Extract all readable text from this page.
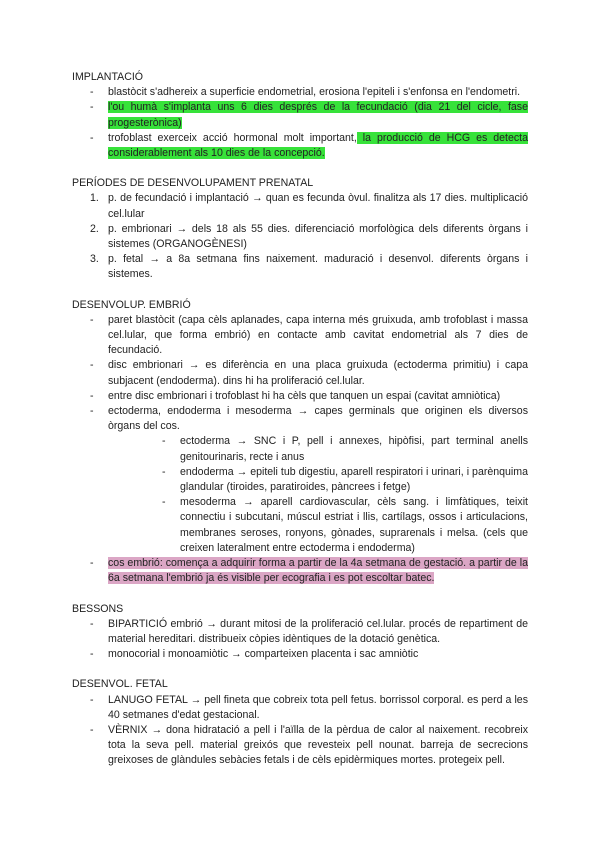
IMPLANTACIÓ

- blastòcit s'adhereix a superficie endometrial, erosiona l'epiteli i s'enfonsa en l'endometri.
- l'ou humà s'implanta uns 6 dies després de la fecundació (dia 21 del cicle, fase progesterònica)
- trofoblast exerceix acció hormonal molt important, la producció de HCG es detecta considerablement als 10 dies de la concepció.

PERÍODES DE DESENVOLUPAMENT PRENATAL

1. p. de fecundació i implantació → quan es fecunda òvul. finalitza als 17 dies. multiplicació cel.lular
2. p. embrionari → dels 18 als 55 dies. diferenciació morfològica dels diferents òrgans i sistemes (ORGANOGÈNESI)
3. p. fetal → a 8a setmana fins naixement. maduració i desenvol. diferents òrgans i sistemes.

DESENVOLUP. EMBRIÓ

- paret blastòcit (capa cèls aplanades, capa interna més gruixuda, amb trofoblast i massa cel.lular, que forma embrió) en contacte amb cavitat endometrial als 7 dies de fecundació.
- disc embrionari → es diferència en una placa gruixuda (ectoderma primitiu) i capa subjacent (endoderma). dins hi ha proliferació cel.lular.
- entre disc embrionari i trofoblast hi ha cèls que tanquen un espai (cavitat amniòtica)
- ectoderma, endoderma i mesoderma → capes germinals que originen els diversos òrgans del cos.
- ectoderma → SNC i P, pell i annexes, hipòfisi, part terminal anells genitourinaris, recte i anus
- endoderma → epiteli tub digestiu, aparell respiratori i urinari, i parènquima glandular (tiroides, paratiroides, pàncrees i fetge)
- mesoderma → aparell cardiovascular, cèls sang. i limfàtiques, teixit connectiu i subcutani, múscul estriat i llis, cartílags, ossos i articulacions, membranes seroses, ronyons, gònades, suprarenals i melsa. (cels que creixen lateralment entre ectoderma i endoderma)
- cos embrió: comença a adquirir forma a partir de la 4a setmana de gestació. a partir de la 6a setmana l'embrió ja és visible per ecografia i es pot escoltar batec.

BESSONS

- BIPARTICIÓ embrió → durant mitosi de la proliferació cel.lular. procés de repartiment de material hereditari. distribueix còpies idèntiques de la dotació genètica.
- monocorial i monoamiòtic → comparteixen placenta i sac amniòtic

DESENVOL. FETAL

- LANUGO FETAL → pell fineta que cobreix tota pell fetus. borrissol corporal. es perd a les 40 setmanes d'edat gestacional.
- VÈRNIX → dona hidratació a pell i l'aïlla de la pèrdua de calor al naixement. recobreix tota la seva pell. material greixós que reveste​ix pell nounat. barreja de secrecions greixoses de glàndules sebàcies fetals i de cèls epidèrmiques mortes. protegeix pell.
